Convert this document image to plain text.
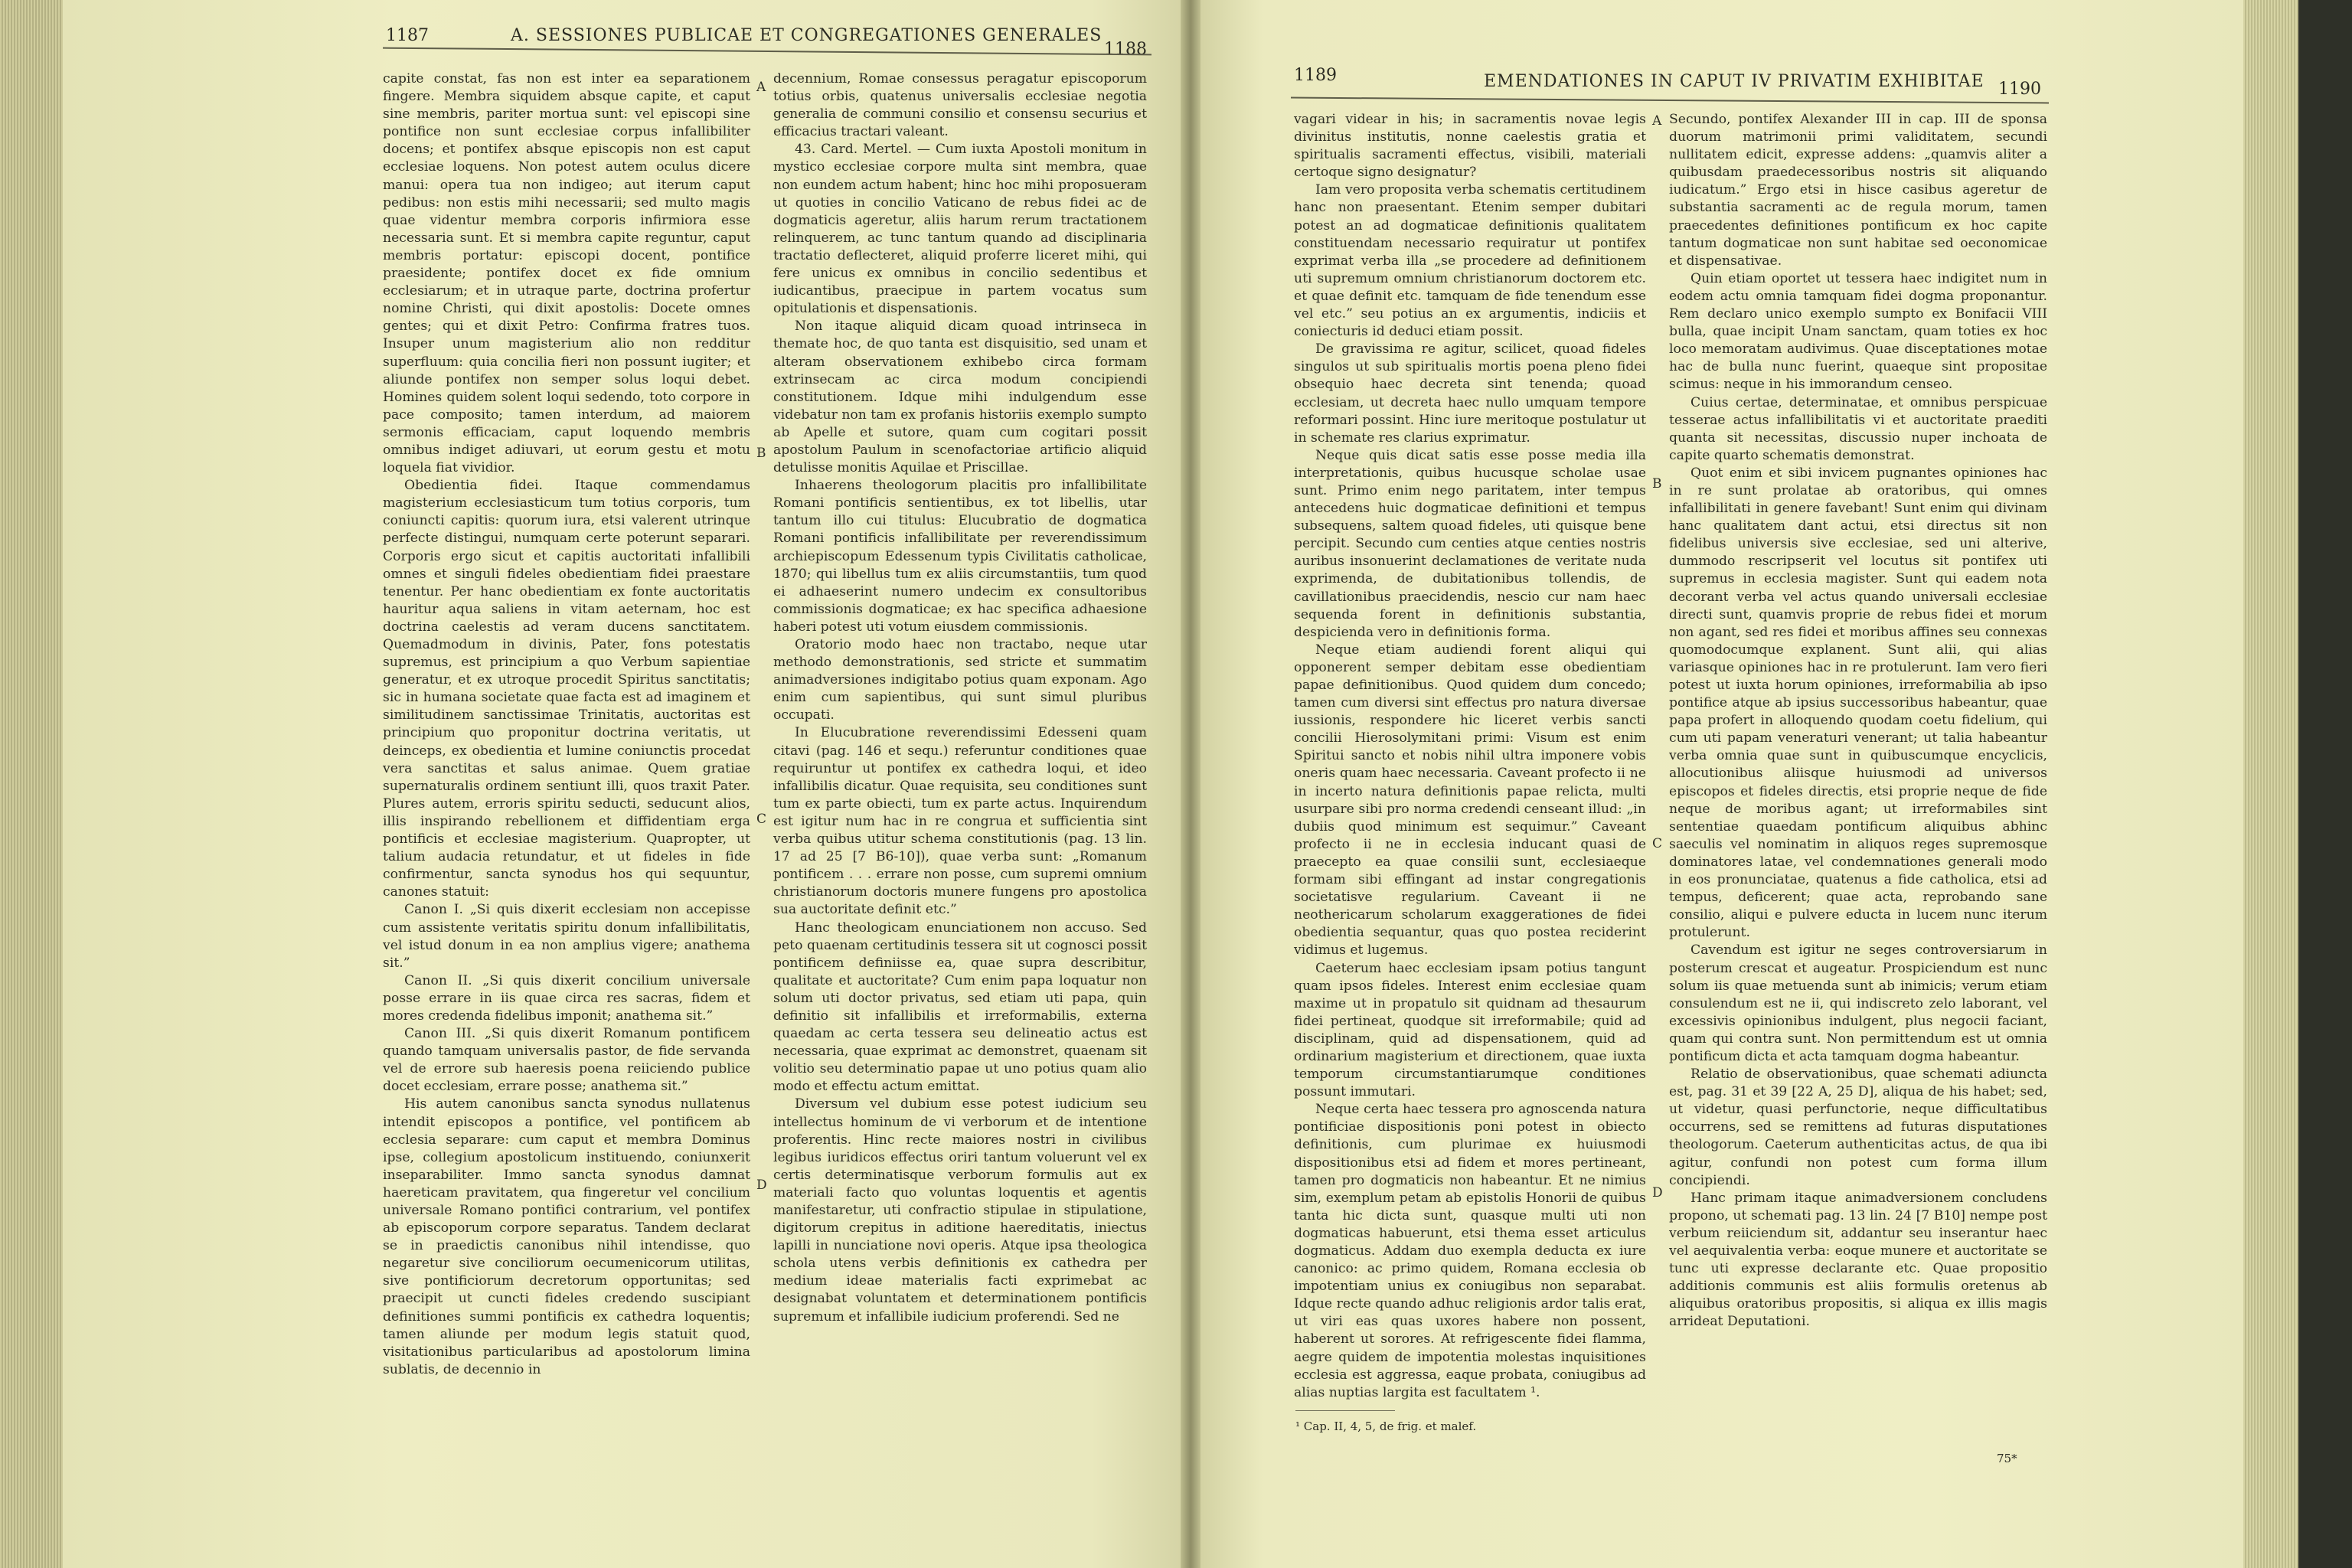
1187	A. SESSIONES PUBLICAE ET CONGREGATIONES GENERALES
1188

capite constat, fas non est inter ea separationem fingere. Membra siquidem absque capite, et caput sine membris, pariter mortua sunt: vel episcopi sine pontifice non sunt ecclesiae corpus infallibiliter docens; et pontifex absque episcopis non est caput ecclesiae loquens. Non potest autem oculus dicere manui: opera tua non indigeo; aut iterum caput pedibus: non estis mihi necessarii; sed multo magis quae videntur membra corporis infirmiora esse necessaria sunt. Et si membra capite reguntur, caput membris portatur: episcopi docent, pontifice praesidente; pontifex docet ex fide omnium ecclesiarum; et in utraque parte, doctrina profertur nomine Christi, qui dixit apostolis: Docete omnes gentes; qui et dixit Petro: Confirma fratres tuos. Insuper unum magisterium alio non redditur superfluum: quia concilia fieri non possunt iugiter; et aliunde pontifex non semper solus loqui debet. Homines quidem solent loqui sedendo, toto corpore in pace composito; tamen interdum, ad maiorem sermonis efficaciam, caput loquendo membris omnibus indiget adiuvari, ut eorum gestu et motu loquela fiat vividior.

Obedientia fidei. Itaque commendamus magisterium ecclesiasticum tum totius corporis, tum coniuncti capitis: quorum iura, etsi valerent utrinque perfecte distingui, numquam certe poterunt separari. Corporis ergo sicut et capitis auctoritati infallibili omnes et singuli fideles obedientiam fidei praestare tenentur. Per hanc obedientiam ex fonte auctoritatis hauritur aqua saliens in vitam aeternam, hoc est doctrina caelestis ad veram ducens sanctitatem. Quemadmodum in divinis, Pater, fons potestatis supremus, est principium a quo Verbum sapientiae generatur, et ex utroque procedit Spiritus sanctitatis; sic in humana societate quae facta est ad imaginem et similitudinem sanctissimae Trinitatis, auctoritas est principium quo proponitur doctrina veritatis, ut deinceps, ex obedientia et lumine coniunctis procedat vera sanctitas et salus animae. Quem gratiae supernaturalis ordinem sentiunt illi, quos traxit Pater. Plures autem, erroris spiritu seducti, seducunt alios, illis inspirando rebellionem et diffidentiam erga pontificis et ecclesiae magisterium. Quapropter, ut talium audacia retundatur, et ut fideles in fide confirmentur, sancta synodus hos qui sequuntur, canones statuit:

Canon I. „Si quis dixerit ecclesiam non accepisse cum assistente veritatis spiritu donum infallibilitatis, vel istud donum in ea non amplius vigere; anathema sit.”

Canon II. „Si quis dixerit concilium universale posse errare in iis quae circa res sacras, fidem et mores credenda fidelibus imponit; anathema sit.”

Canon III. „Si quis dixerit Romanum pontificem quando tamquam universalis pastor, de fide servanda vel de errore sub haeresis poena reiiciendo publice docet ecclesiam, errare posse; anathema sit.”

His autem canonibus sancta synodus nullatenus intendit episcopos a pontifice, vel pontificem ab ecclesia separare: cum caput et membra Dominus ipse, collegium apostolicum instituendo, coniunxerit inseparabiliter. Immo sancta synodus damnat haereticam pravitatem, qua fingeretur vel concilium universale Romano pontifici contrarium, vel pontifex ab episcoporum corpore separatus. Tandem declarat se in praedictis canonibus nihil intendisse, quo negaretur sive conciliorum oecumenicorum utilitas, sive pontificiorum decretorum opportunitas; sed praecipit ut cuncti fideles credendo suscipiant definitiones summi pontificis ex cathedra loquentis; tamen aliunde per modum legis statuit quod, visitationibus particularibus ad apostolorum limina sublatis, de decennio in

A
B
C
D

decennium, Romae consessus peragatur episcoporum totius orbis, quatenus universalis ecclesiae negotia generalia de communi consilio et consensu securius et efficacius tractari valeant.

43. Card. Mertel. — Cum iuxta Apostoli monitum in mystico ecclesiae corpore multa sint membra, quae non eundem actum habent; hinc hoc mihi proposueram ut quoties in concilio Vaticano de rebus fidei ac de dogmaticis ageretur, aliis harum rerum tractationem relinquerem, ac tunc tantum quando ad disciplinaria tractatio deflecteret, aliquid proferre liceret mihi, qui fere unicus ex omnibus in concilio sedentibus et iudicantibus, praecipue in partem vocatus sum opitulationis et dispensationis.

Non itaque aliquid dicam quoad intrinseca in themate hoc, de quo tanta est disquisitio, sed unam et alteram observationem exhibebo circa formam extrinsecam ac circa modum concipiendi constitutionem. Idque mihi indulgendum esse videbatur non tam ex profanis historiis exemplo sumpto ab Apelle et sutore, quam cum cogitari possit apostolum Paulum in scenofactoriae artificio aliquid detulisse monitis Aquilae et Priscillae.

Inhaerens theologorum placitis pro infallibilitate Romani pontificis sentientibus, ex tot libellis, utar tantum illo cui titulus: Elucubratio de dogmatica Romani pontificis infallibilitate per reverendissimum archiepiscopum Edessenum typis Civilitatis catholicae, 1870; qui libellus tum ex aliis circumstantiis, tum quod ei adhaeserint numero undecim ex consultoribus commissionis dogmaticae; ex hac specifica adhaesione haberi potest uti votum eiusdem commissionis.

Oratorio modo haec non tractabo, neque utar methodo demonstrationis, sed stricte et summatim animadversiones indigitabo potius quam exponam. Ago enim cum sapientibus, qui sunt simul pluribus occupati.

In Elucubratione reverendissimi Edesseni quam citavi (pag. 146 et sequ.) referuntur conditiones quae requiruntur ut pontifex ex cathedra loqui, et ideo infallibilis dicatur. Quae requisita, seu conditiones sunt tum ex parte obiecti, tum ex parte actus. Inquirendum est igitur num hac in re congrua et sufficientia sint verba quibus utitur schema constitutionis (pag. 13 lin. 17 ad 25 [7 B6-10]), quae verba sunt: „Romanum pontificem . . . errare non posse, cum supremi omnium christianorum doctoris munere fungens pro apostolica sua auctoritate definit etc.”

Hanc theologicam enunciationem non accuso. Sed peto quaenam certitudinis tessera sit ut cognosci possit pontificem definiisse ea, quae supra describitur, qualitate et auctoritate? Cum enim papa loquatur non solum uti doctor privatus, sed etiam uti papa, quin definitio sit infallibilis et irreformabilis, externa quaedam ac certa tessera seu delineatio actus est necessaria, quae exprimat ac demonstret, quaenam sit volitio seu determinatio papae ut uno potius quam alio modo et effectu actum emittat.

Diversum vel dubium esse potest iudicium seu intellectus hominum de vi verborum et de intentione proferentis. Hinc recte maiores nostri in civilibus legibus iuridicos effectus oriri tantum voluerunt vel ex certis determinatisque verborum formulis aut ex materiali facto quo voluntas loquentis et agentis manifestaretur, uti confractio stipulae in stipulatione, digitorum crepitus in aditione haereditatis, iniectus lapilli in nunciatione novi operis. Atque ipsa theologica schola utens verbis definitionis ex cathedra per medium ideae materialis facti exprimebat ac designabat voluntatem et determinationem pontificis supremum et infallibile iudicium proferendi. Sed ne

1189	EMENDATIONES IN CAPUT IV PRIVATIM EXHIBITAE 1190

vagari videar in his; in sacramentis novae legis divinitus institutis, nonne caelestis gratia et spiritualis sacramenti effectus, visibili, materiali certoque signo designatur?

Iam vero proposita verba schematis certitudinem hanc non praesentant. Etenim semper dubitari potest an ad dogmaticae definitionis qualitatem constituendam necessario requiratur ut pontifex exprimat verba illa „se procedere ad definitionem uti supremum omnium christianorum doctorem etc. et quae definit etc. tamquam de fide tenendum esse vel etc.” seu potius an ex argumentis, indiciis et coniecturis id deduci etiam possit.

De gravissima re agitur, scilicet, quoad fideles singulos ut sub spiritualis mortis poena pleno fidei obsequio haec decreta sint tenenda; quoad ecclesiam, ut decreta haec nullo umquam tempore reformari possint. Hinc iure meritoque postulatur ut in schemate res clarius exprimatur.

Neque quis dicat satis esse posse media illa interpretationis, quibus hucusque scholae usae sunt. Primo enim nego paritatem, inter tempus antecedens huic dogmaticae definitioni et tempus subsequens, saltem quoad fideles, uti quisque bene percipit. Secundo cum centies atque centies nostris auribus insonuerint declamationes de veritate nuda exprimenda, de dubitationibus tollendis, de cavillationibus praecidendis, nescio cur nam haec sequenda forent in definitionis substantia, despicienda vero in definitionis forma.

Neque etiam audiendi forent aliqui qui opponerent semper debitam esse obedientiam papae definitionibus. Quod quidem dum concedo; tamen cum diversi sint effectus pro natura diversae iussionis, respondere hic liceret verbis sancti concilii Hierosolymitani primi: Visum est enim Spiritui sancto et nobis nihil ultra imponere vobis oneris quam haec necessaria. Caveant profecto ii ne in incerto natura definitionis papae relicta, multi usurpare sibi pro norma credendi censeant illud: „in dubiis quod minimum est sequimur.” Caveant profecto ii ne in ecclesia inducant quasi de praecepto ea quae consilii sunt, ecclesiaeque formam sibi effingant ad instar congregationis societatisve regularium. Caveant ii ne neothericarum scholarum exaggerationes de fidei obedientia sequantur, quas quo postea reciderint vidimus et lugemus.

Caeterum haec ecclesiam ipsam potius tangunt quam ipsos fideles. Interest enim ecclesiae quam maxime ut in propatulo sit quidnam ad thesaurum fidei pertineat, quodque sit irreformabile; quid ad disciplinam, quid ad dispensationem, quid ad ordinarium magisterium et directionem, quae iuxta temporum circumstantiarumque conditiones possunt immutari.

Neque certa haec tessera pro agnoscenda natura pontificiae dispositionis poni potest in obiecto definitionis, cum plurimae ex huiusmodi dispositionibus etsi ad fidem et mores pertineant, tamen pro dogmaticis non habeantur. Et ne nimius sim, exemplum petam ab epistolis Honorii de quibus tanta hic dicta sunt, quasque multi uti non dogmaticas habuerunt, etsi thema esset articulus dogmaticus. Addam duo exempla deducta ex iure canonico: ac primo quidem, Romana ecclesia ob impotentiam unius ex coniugibus non separabat. Idque recte quando adhuc religionis ardor talis erat, ut viri eas quas uxores habere non possent, haberent ut sorores. At refrigescente fidei flamma, aegre quidem de impotentia molestas inquisitiones ecclesia est aggressa, eaque probata, coniugibus ad alias nuptias largita est facultatem ¹.

A
B
C
D

Secundo, pontifex Alexander III in cap. III de sponsa duorum matrimonii primi validitatem, secundi nullitatem edicit, expresse addens: „quamvis aliter a quibusdam praedecessoribus nostris sit aliquando iudicatum.” Ergo etsi in hisce casibus ageretur de substantia sacramenti ac de regula morum, tamen praecedentes definitiones pontificum ex hoc capite tantum dogmaticae non sunt habitae sed oeconomicae et dispensativae.

Quin etiam oportet ut tessera haec indigitet num in eodem actu omnia tamquam fidei dogma proponantur. Rem declaro unico exemplo sumpto ex Bonifacii VIII bulla, quae incipit Unam sanctam, quam toties ex hoc loco memoratam audivimus. Quae disceptationes motae hac de bulla nunc fuerint, quaeque sint propositae scimus: neque in his immorandum censeo.

Cuius certae, determinatae, et omnibus perspicuae tesserae actus infallibilitatis vi et auctoritate praediti quanta sit necessitas, discussio nuper inchoata de capite quarto schematis demonstrat.

Quot enim et sibi invicem pugnantes opiniones hac in re sunt prolatae ab oratoribus, qui omnes infallibilitati in genere favebant! Sunt enim qui divinam hanc qualitatem dant actui, etsi directus sit non fidelibus universis sive ecclesiae, sed uni alterive, dummodo rescripserit vel locutus sit pontifex uti supremus in ecclesia magister. Sunt qui eadem nota decorant verba vel actus quando universali ecclesiae directi sunt, quamvis proprie de rebus fidei et morum non agant, sed res fidei et moribus affines seu connexas quomodocumque explanent. Sunt alii, qui alias variasque opiniones hac in re protulerunt. Iam vero fieri potest ut iuxta horum opiniones, irreformabilia ab ipso pontifice atque ab ipsius successoribus habeantur, quae papa profert in alloquendo quodam coetu fidelium, qui cum uti papam veneraturi venerant; ut talia habeantur verba omnia quae sunt in quibuscumque encyclicis, allocutionibus aliisque huiusmodi ad universos episcopos et fideles directis, etsi proprie neque de fide neque de moribus agant; ut irreformabiles sint sententiae quaedam pontificum aliquibus abhinc saeculis vel nominatim in aliquos reges supremosque dominatores latae, vel condemnationes generali modo in eos pronunciatae, quatenus a fide catholica, etsi ad tempus, deficerent; quae acta, reprobando sane consilio, aliqui e pulvere educta in lucem nunc iterum protulerunt.

Cavendum est igitur ne seges controversiarum in posterum crescat et augeatur. Prospiciendum est nunc solum iis quae metuenda sunt ab inimicis; verum etiam consulendum est ne ii, qui indiscreto zelo laborant, vel excessivis opinionibus indulgent, plus negocii faciant, quam qui contra sunt. Non permittendum est ut omnia pontificum dicta et acta tamquam dogma habeantur.

Relatio de observationibus, quae schemati adiuncta est, pag. 31 et 39 [22 A, 25 D], aliqua de his habet; sed, ut videtur, quasi perfunctorie, neque difficultatibus occurrens, sed se remittens ad futuras disputationes theologorum. Caeterum authenticitas actus, de qua ibi agitur, confundi non potest cum forma illum concipiendi.

Hanc primam itaque animadversionem concludens propono, ut schemati pag. 13 lin. 24 [7 B10] nempe post verbum reiiciendum sit, addantur seu inserantur haec vel aequivalentia verba: eoque munere et auctoritate se tunc uti expresse declarante etc. Quae propositio additionis communis est aliis formulis oretenus ab aliquibus oratoribus propositis, si aliqua ex illis magis arrideat Deputationi.

¹ Cap. II, 4, 5, de frig. et malef.
75*
